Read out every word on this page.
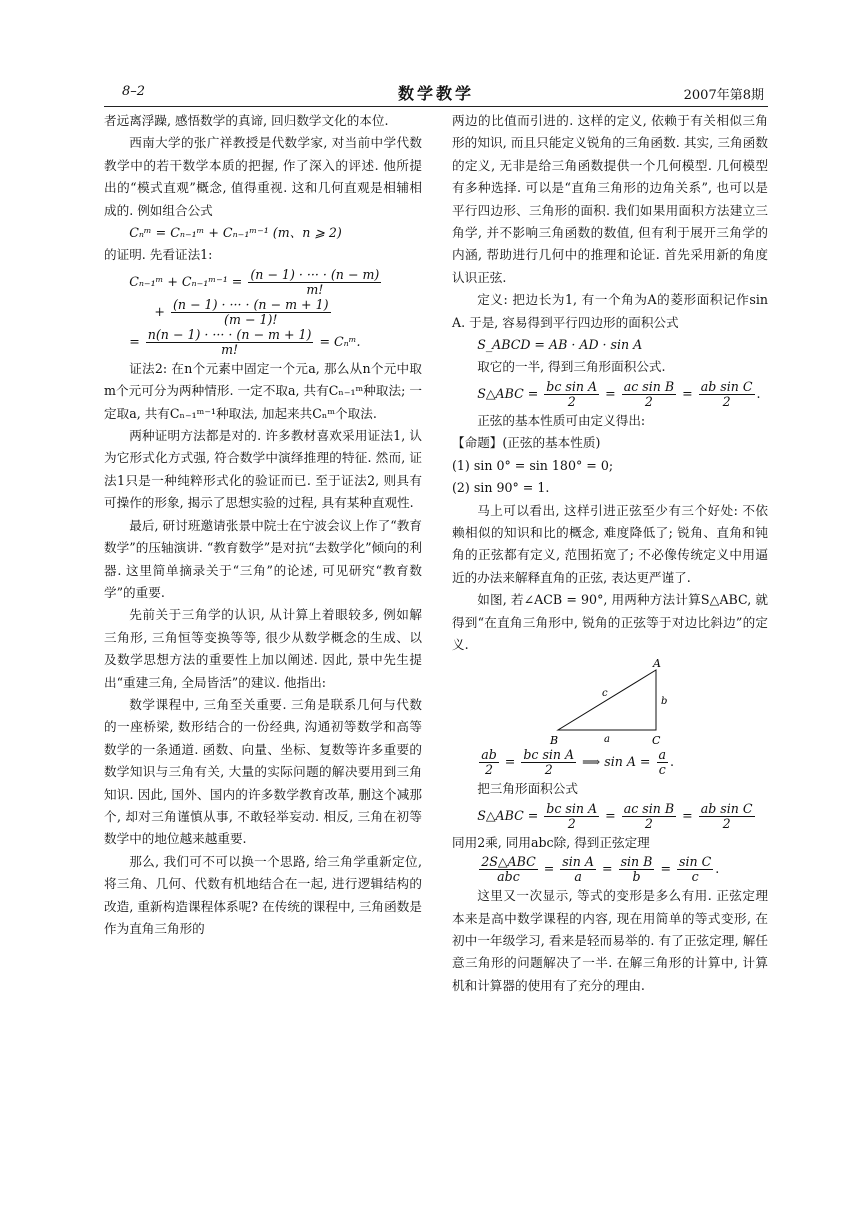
8–2	数学教学	2007年第8期

者远离浮躁, 感悟数学的真谛, 回归数学文化的本位.

西南大学的张广祥教授是代数学家, 对当前中学代数教学中的若干数学本质的把握, 作了深入的评述. 他所提出的“模式直观”概念, 值得重视. 这和几何直观是相辅相成的. 例如组合公式

Cₙᵐ = Cₙ₋₁ᵐ + Cₙ₋₁ᵐ⁻¹ (m、n ⩾ 2)

的证明. 先看证法1:

Cₙ₋₁ᵐ + Cₙ₋₁ᵐ⁻¹ = $\frac{(n - 1) \cdot \cdot\cdot\cdot \cdot (n - m)}{m!}$
+ $\frac{(n - 1) \cdot \cdot\cdot\cdot \cdot (n - m + 1)}{(m - 1)!}$
= $\frac{n(n - 1) \cdot \cdot\cdot\cdot \cdot (n - m + 1)}{m!}$ = Cₙᵐ.

证法2: 在n个元素中固定一个元a, 那么从n个元中取m个元可分为两种情形. 一定不取a, 共有Cₙ₋₁ᵐ种取法; 一定取a, 共有Cₙ₋₁ᵐ⁻¹种取法, 加起来共Cₙᵐ个取法.

两种证明方法都是对的. 许多教材喜欢采用证法1, 认为它形式化方式强, 符合数学中演绎推理的特征. 然而, 证法1只是一种纯粹形式化的验证而已. 至于证法2, 则具有可操作的形象, 揭示了思想实验的过程, 具有某种直观性.

最后, 研讨班邀请张景中院士在宁波会议上作了“教育数学”的压轴演讲. “教育数学”是对抗“去数学化”倾向的利器. 这里简单摘录关于“三角”的论述, 可见研究“教育数学”的重要.

先前关于三角学的认识, 从计算上着眼较多, 例如解三角形, 三角恒等变换等等, 很少从数学概念的生成、以及数学思想方法的重要性上加以阐述. 因此, 景中先生提出“重建三角, 全局皆活”的建议. 他指出:

数学课程中, 三角至关重要. 三角是联系几何与代数的一座桥梁, 数形结合的一份经典, 沟通初等数学和高等数学的一条通道. 函数、向量、坐标、复数等许多重要的数学知识与三角有关, 大量的实际问题的解决要用到三角知识. 因此, 国外、国内的许多数学教育改革, 删这个减那个, 却对三角谨慎从事, 不敢轻举妄动. 相反, 三角在初等数学中的地位越来越重要.

那么, 我们可不可以换一个思路, 给三角学重新定位, 将三角、几何、代数有机地结合在一起, 进行逻辑结构的改造, 重新构造课程体系呢? 在传统的课程中, 三角函数是作为直角三角形的

两边的比值而引进的. 这样的定义, 依赖于有关相似三角形的知识, 而且只能定义锐角的三角函数. 其实, 三角函数的定义, 无非是给三角函数提供一个几何模型. 几何模型有多种选择. 可以是“直角三角形的边角关系”, 也可以是平行四边形、三角形的面积. 我们如果用面积方法建立三角学, 并不影响三角函数的数值, 但有利于展开三角学的内涵, 帮助进行几何中的推理和论证. 首先采用新的角度认识正弦.

定义: 把边长为1, 有一个角为A的菱形面积记作sin A. 于是, 容易得到平行四边形的面积公式

S_ABCD = AB · AD · sin A

取它的一半, 得到三角形面积公式.

S△ABC = $\frac{\text{bc sin A}}{2} = \frac{\text{ac sin B}}{2} = \frac{\text{ab sin C}}{2}$ .

正弦的基本性质可由定义得出:

【命题】(正弦的基本性质)

(1) sin 0° = sin 180° = 0;

(2) sin 90° = 1.

马上可以看出, 这样引进正弦至少有三个好处: 不依赖相似的知识和比的概念, 难度降低了; 锐角、直角和钝角的正弦都有定义, 范围拓宽了; 不必像传统定义中用逼近的办法来解释直角的正弦, 表达更严谨了.

如图, 若∠ACB = 90°, 用两种方法计算S△ABC, 就得到“在直角三角形中, 锐角的正弦等于对边比斜边”的定义.

A
B	C
a
b
c
$\frac{ab}{2} = \frac{\text{bc sin A}}{2}$ ⟹ $\sin A = \frac{a}{c}$ .

把三角形面积公式

S△ABC = $\frac{\text{bc sin A}}{2} = \frac{\text{ac sin B}}{2} = \frac{\text{ab sin C}}{2}$

同用2乘, 同用abc除, 得到正弦定理

$\frac{\text{2S△ABC}}{\text{abc}} = \frac{\text{sin A}}{a} = \frac{\text{sin B}}{b} = \frac{\text{sin C}}{c}$ .

这里又一次显示, 等式的变形是多么有用. 正弦定理本来是高中数学课程的内容, 现在用简单的等式变形, 在初中一年级学习, 看来是轻而易举的. 有了正弦定理, 解任意三角形的问题解决了一半. 在解三角形的计算中, 计算机和计算器的使用有了充分的理由.
